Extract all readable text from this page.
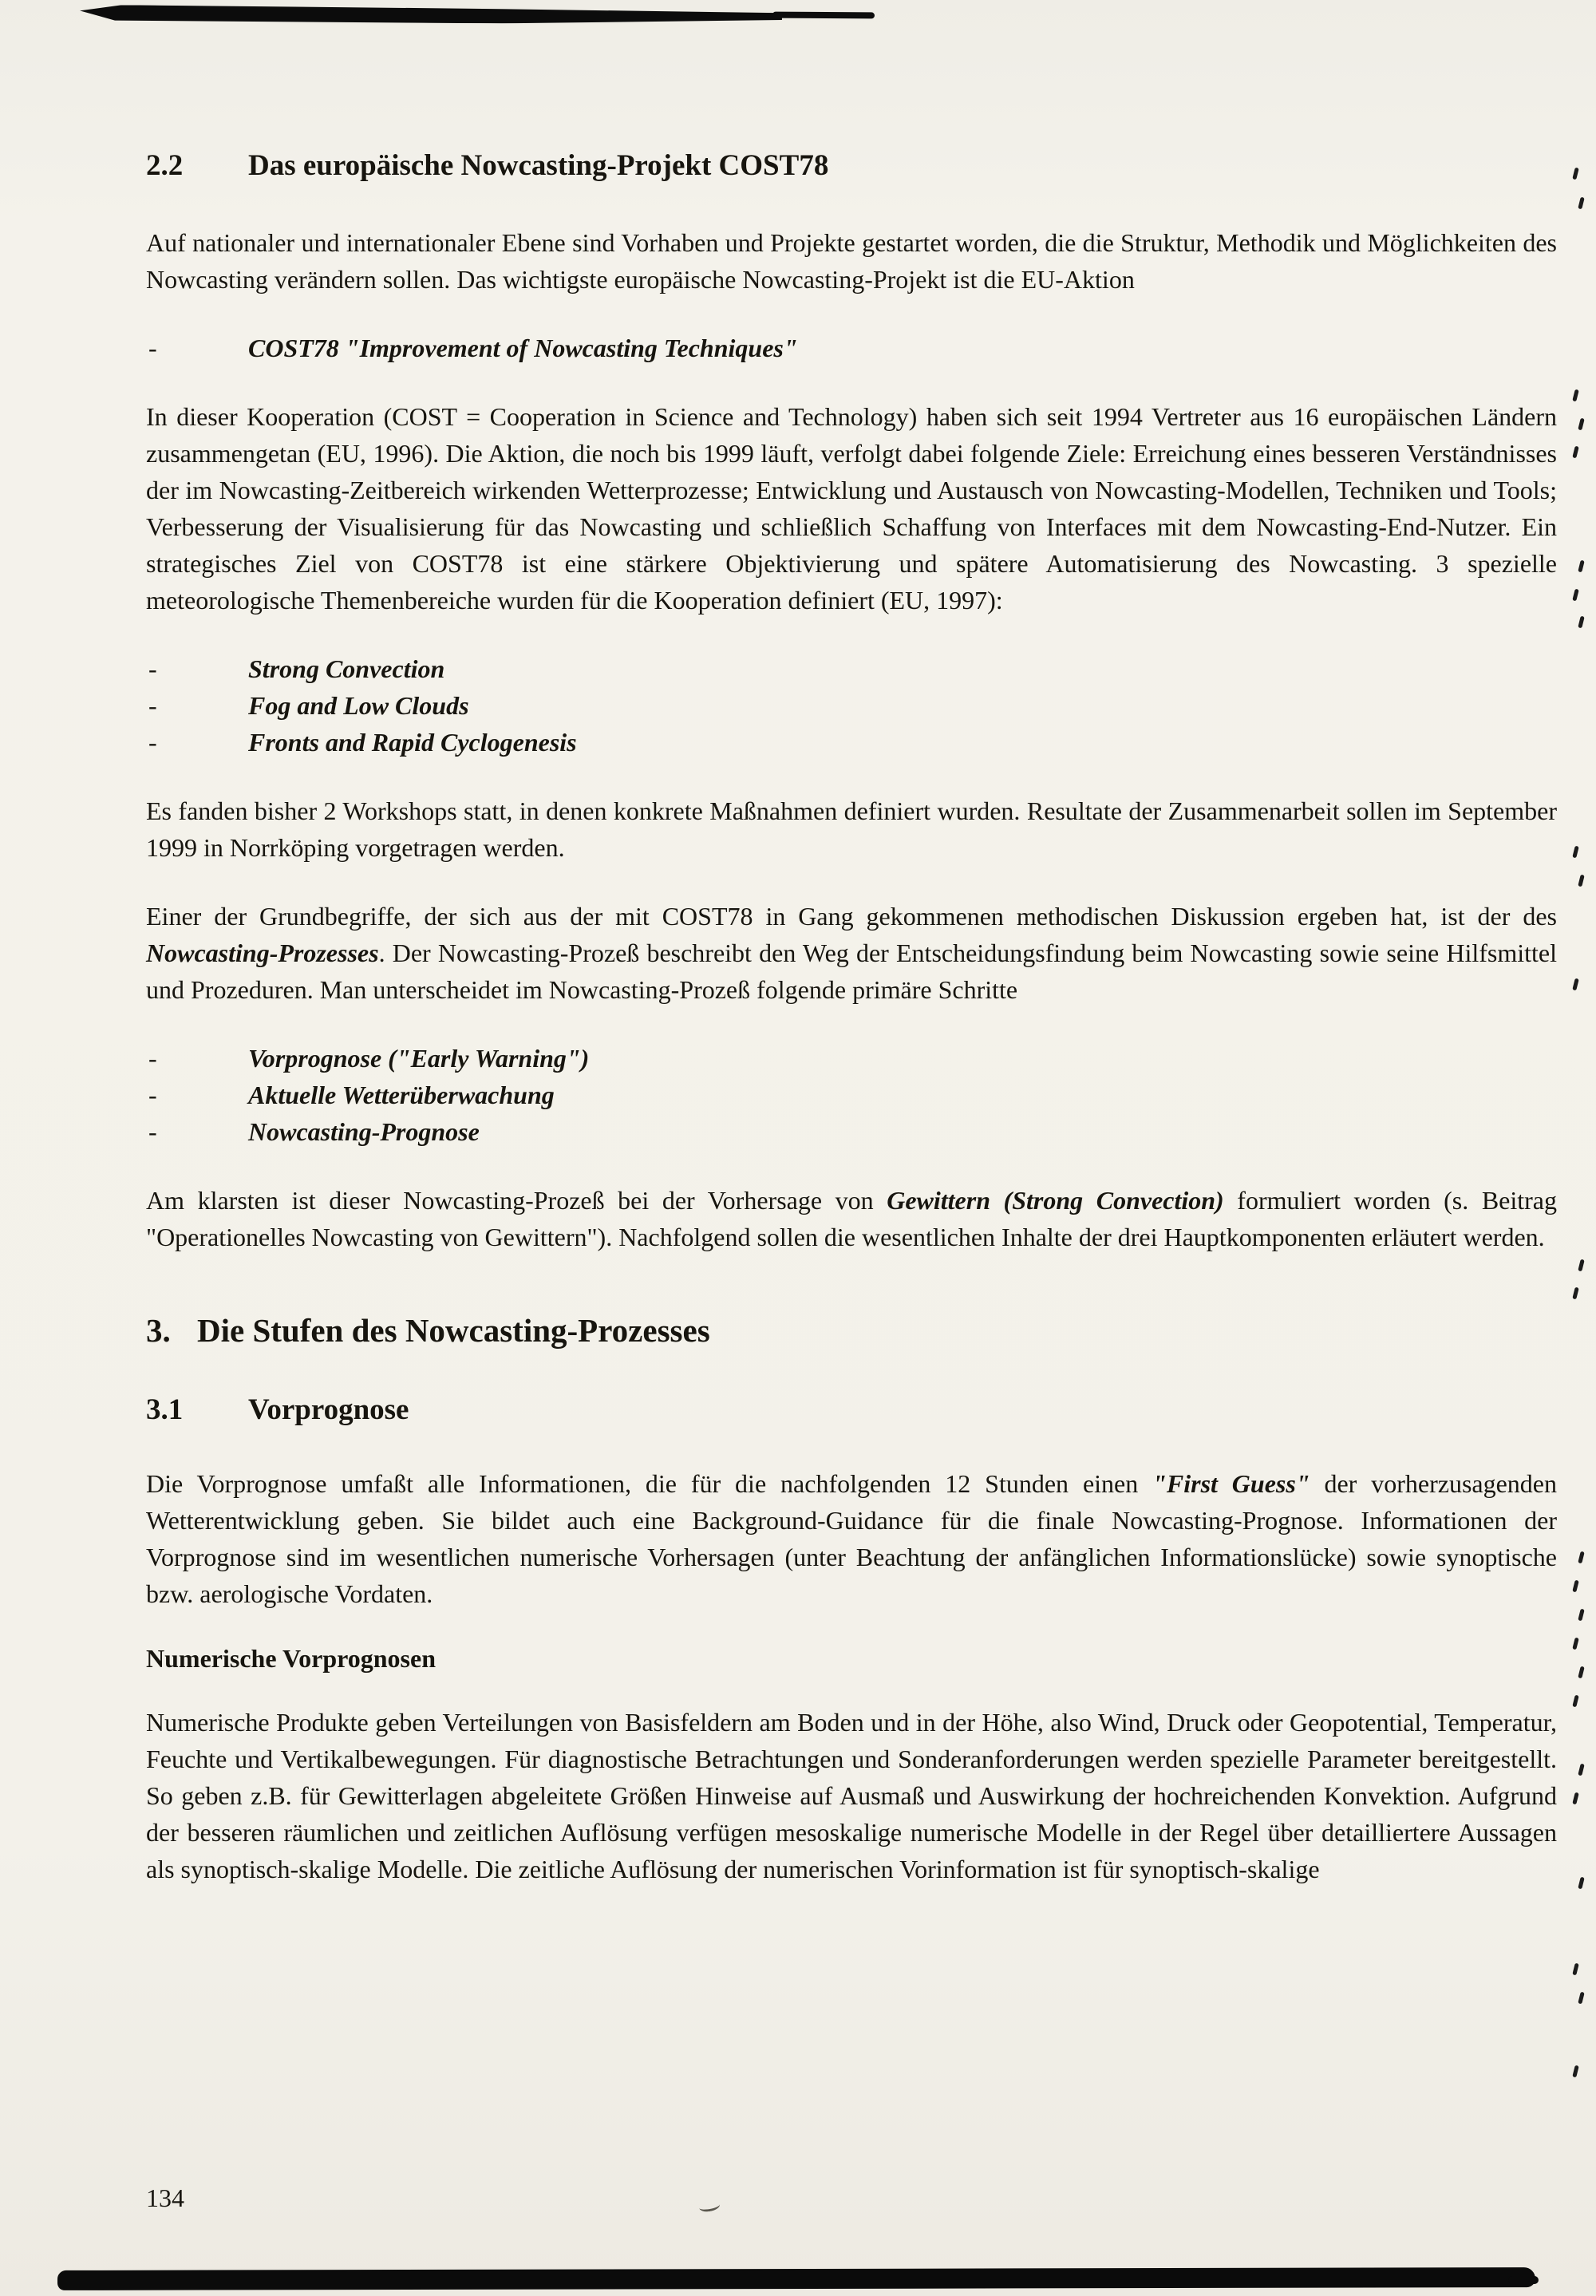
2.2 Das europäische Nowcasting-Projekt COST78

Auf nationaler und internationaler Ebene sind Vorhaben und Projekte gestartet worden, die die Struktur, Methodik und Möglichkeiten des Nowcasting verändern sollen. Das wichtigste europäische Nowcasting-Projekt ist die EU-Aktion

-	COST78 "Improvement of Nowcasting Techniques"

In dieser Kooperation (COST = Cooperation in Science and Technology) haben sich seit 1994 Vertreter aus 16 europäischen Ländern zusammengetan (EU, 1996). Die Aktion, die noch bis 1999 läuft, verfolgt dabei folgende Ziele: Erreichung eines besseren Verständnisses der im Nowcasting-Zeitbereich wirkenden Wetterprozesse; Entwicklung und Austausch von Nowcasting-Modellen, Techniken und Tools; Verbesserung der Visualisierung für das Nowcasting und schließlich Schaffung von Interfaces mit dem Nowcasting-End-Nutzer. Ein strategisches Ziel von COST78 ist eine stärkere Objektivierung und spätere Automatisierung des Nowcasting. 3 spezielle meteorologische Themenbereiche wurden für die Kooperation definiert (EU, 1997):

-	Strong Convection
-	Fog and Low Clouds
-	Fronts and Rapid Cyclogenesis

Es fanden bisher 2 Workshops statt, in denen konkrete Maßnahmen definiert wurden. Resultate der Zusammenarbeit sollen im September 1999 in Norrköping vorgetragen werden.

Einer der Grundbegriffe, der sich aus der mit COST78 in Gang gekommenen methodischen Diskussion ergeben hat, ist der des Nowcasting-Prozesses. Der Nowcasting-Prozeß beschreibt den Weg der Entscheidungsfindung beim Nowcasting sowie seine Hilfsmittel und Prozeduren. Man unterscheidet im Nowcasting-Prozeß folgende primäre Schritte

-	Vorprognose ("Early Warning")
-	Aktuelle Wetterüberwachung
-	Nowcasting-Prognose

Am klarsten ist dieser Nowcasting-Prozeß bei der Vorhersage von Gewittern (Strong Convection) formuliert worden (s. Beitrag "Operationelles Nowcasting von Gewittern"). Nachfolgend sollen die wesentlichen Inhalte der drei Hauptkomponenten erläutert werden.

3. Die Stufen des Nowcasting-Prozesses
3.1 Vorprognose

Die Vorprognose umfaßt alle Informationen, die für die nachfolgenden 12 Stunden einen "First Guess" der vorherzusagenden Wetterentwicklung geben. Sie bildet auch eine Background-Guidance für die finale Nowcasting-Prognose. Informationen der Vorprognose sind im wesentlichen numerische Vorhersagen (unter Beachtung der anfänglichen Informationslücke) sowie synoptische bzw. aerologische Vordaten.

Numerische Vorprognosen

Numerische Produkte geben Verteilungen von Basisfeldern am Boden und in der Höhe, also Wind, Druck oder Geopotential, Temperatur, Feuchte und Vertikalbewegungen. Für diagnostische Betrachtungen und Sonderanforderungen werden spezielle Parameter bereitgestellt. So geben z.B. für Gewitterlagen abgeleitete Größen Hinweise auf Ausmaß und Auswirkung der hochreichenden Konvektion. Aufgrund der besseren räumlichen und zeitlichen Auflösung verfügen mesoskalige numerische Modelle in der Regel über detailliertere Aussagen als synoptisch-skalige Modelle. Die zeitliche Auflösung der numerischen Vorinformation ist für synoptisch-skalige

134
